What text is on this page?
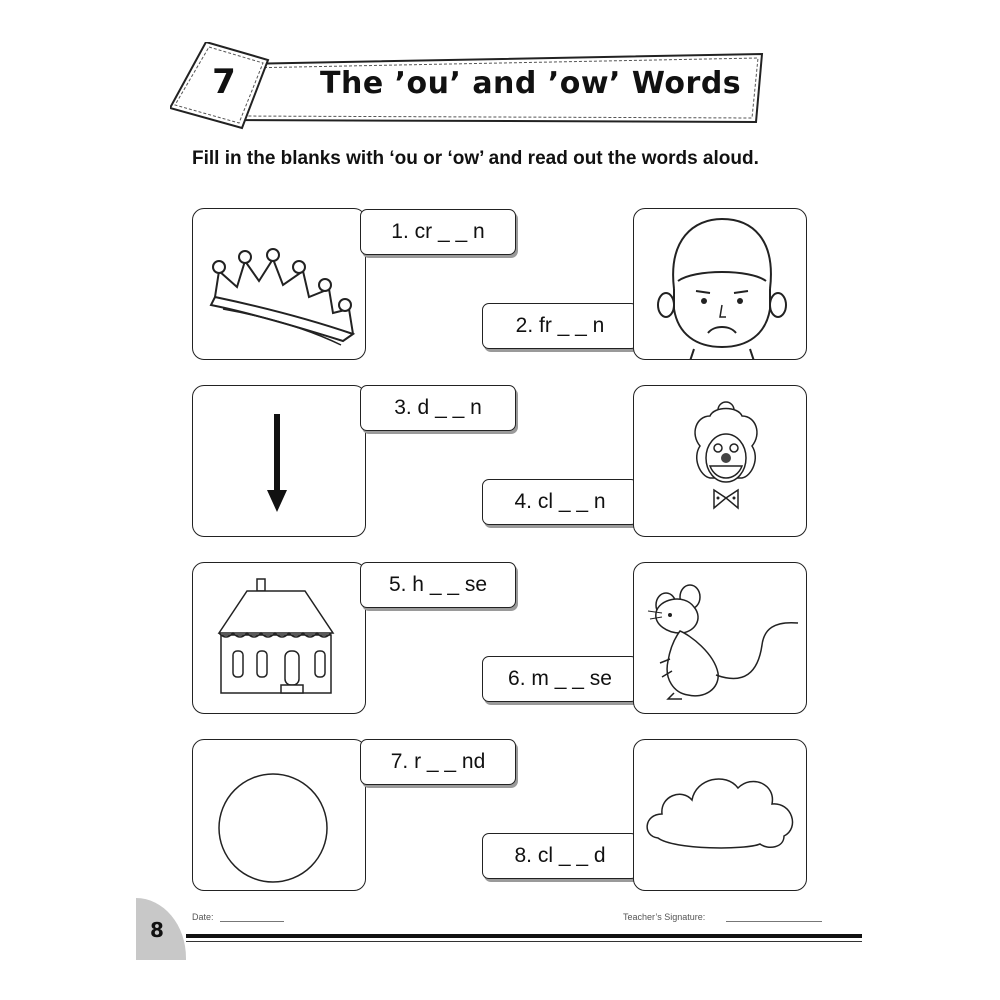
7	The ’ou’ and ’ow’ Words
Fill in the blanks with ‘ou or ‘ow’ and read out the words aloud.
1. cr _ _ n
2. fr _ _ n
3. d _ _ n
4. cl _ _ n
5. h _ _ se
6. m _ _ se
7. r _ _ nd
8. cl _ _ d
8
Date:	Teacher’s Signature:
